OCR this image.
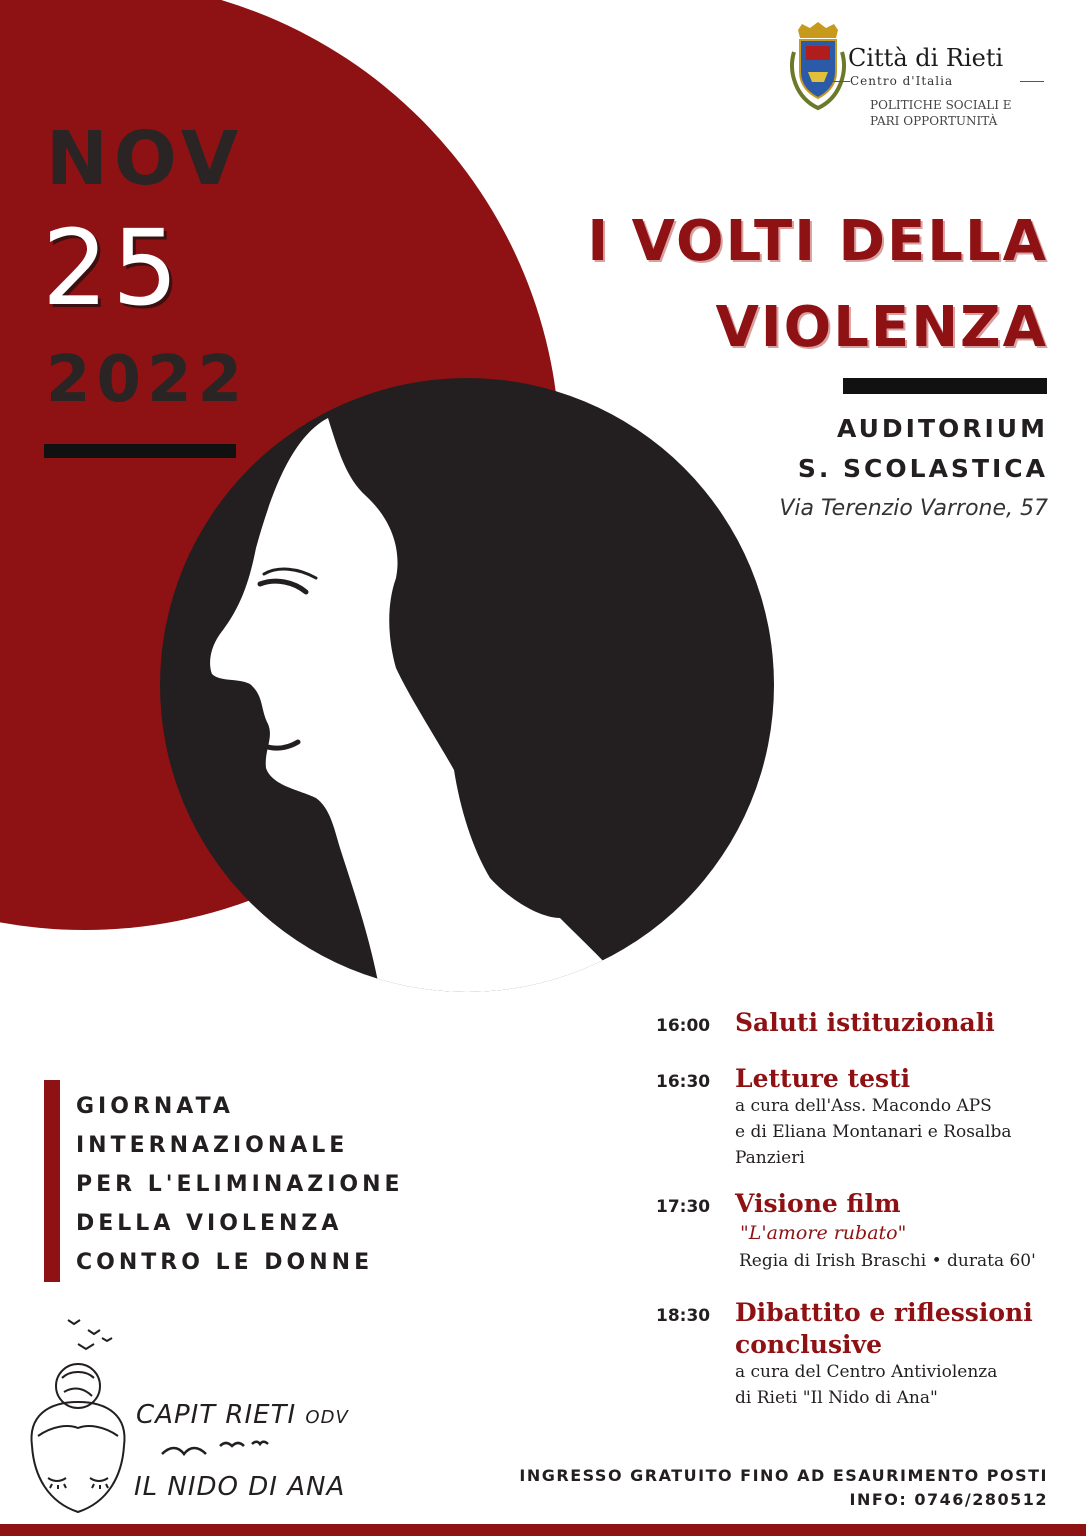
NOV
25
2022
Città di Rieti
Centro d'Italia
POLITICHE SOCIALI E
PARI OPPORTUNITÀ
I VOLTI DELLA
VIOLENZA
AUDITORIUM
S. SCOLASTICA
Via Terenzio Varrone, 57
GIORNATA
INTERNAZIONALE
PER L'ELIMINAZIONE
DELLA VIOLENZA
CONTRO LE DONNE
CAPIT RIETI ODV
IL NIDO DI ANA
16:00 Saluti istituzionali
16:30 Letture testi
a cura dell'Ass. Macondo APS
e di Eliana Montanari e Rosalba
Panzieri
17:30 Visione film
"L'amore rubato"
Regia di Irish Braschi • durata 60'
18:30 Dibattito e riflessioni
conclusive
a cura del Centro Antiviolenza
di Rieti "Il Nido di Ana"
INGRESSO GRATUITO FINO AD ESAURIMENTO POSTI
INFO: 0746/280512
